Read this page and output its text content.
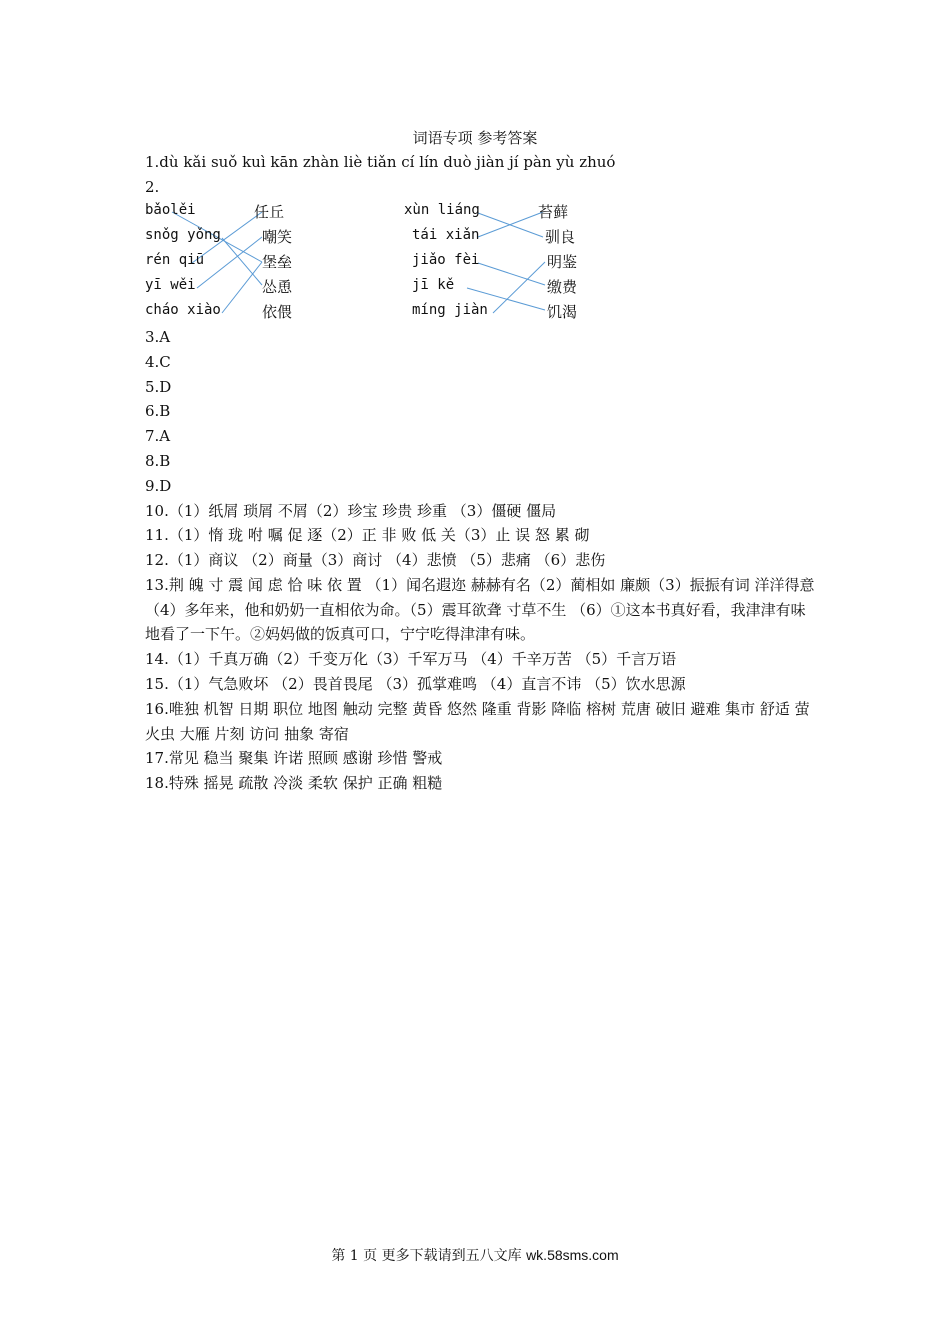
词语专项 参考答案
1.dù kǎi suǒ kuì kān zhàn liè tiǎn cí lín duò jiàn jí pàn yù zhuó
2.
bǎolěi
snǒg yǒng
rén qiū
yī wěi
cháo xiào
任丘
嘲笑
堡垒
怂恿
依偎
xùn liáng
tái xiǎn
jiǎo fèi
jī kě
míng jiàn
苔藓
驯良
明鉴
缴费
饥渴
3.A
4.C
5.D
6.B
7.A
8.B
9.D
10.（1）纸屑 琐屑 不屑（2）珍宝 珍贵 珍重 （3）僵硬 僵局
11.（1）惰 珑 咐 嘱 促 逐（2）正 非 败 低 关（3）止 误 怒 累 砌
12.（1）商议 （2）商量（3）商讨 （4）悲愤 （5）悲痛 （6）悲伤
13.荆 魄 寸 震 闻 虑 恰 味 依 置 （1）闻名遐迩 赫赫有名（2）蔺相如 廉颇（3）振振有词 洋洋得意（4）多年来，他和奶奶一直相依为命。（5）震耳欲聋 寸草不生 （6）①这本书真好看，我津津有味地看了一下午。②妈妈做的饭真可口，宁宁吃得津津有味。
14.（1）千真万确（2）千变万化（3）千军万马 （4）千辛万苦 （5）千言万语
15.（1）气急败坏 （2）畏首畏尾 （3）孤掌难鸣 （4）直言不讳 （5）饮水思源
16.唯独 机智 日期 职位 地图 触动 完整 黄昏 悠然 隆重 背影 降临 榕树 荒唐 破旧 避难 集市 舒适 萤火虫 大雁 片刻 访问 抽象 寄宿
17.常见 稳当 聚集 许诺 照顾 感谢 珍惜 警戒
18.特殊 摇晃 疏散 冷淡 柔软 保护 正确 粗糙
第 1 页 更多下载请到五八文库 wk.58sms.com
